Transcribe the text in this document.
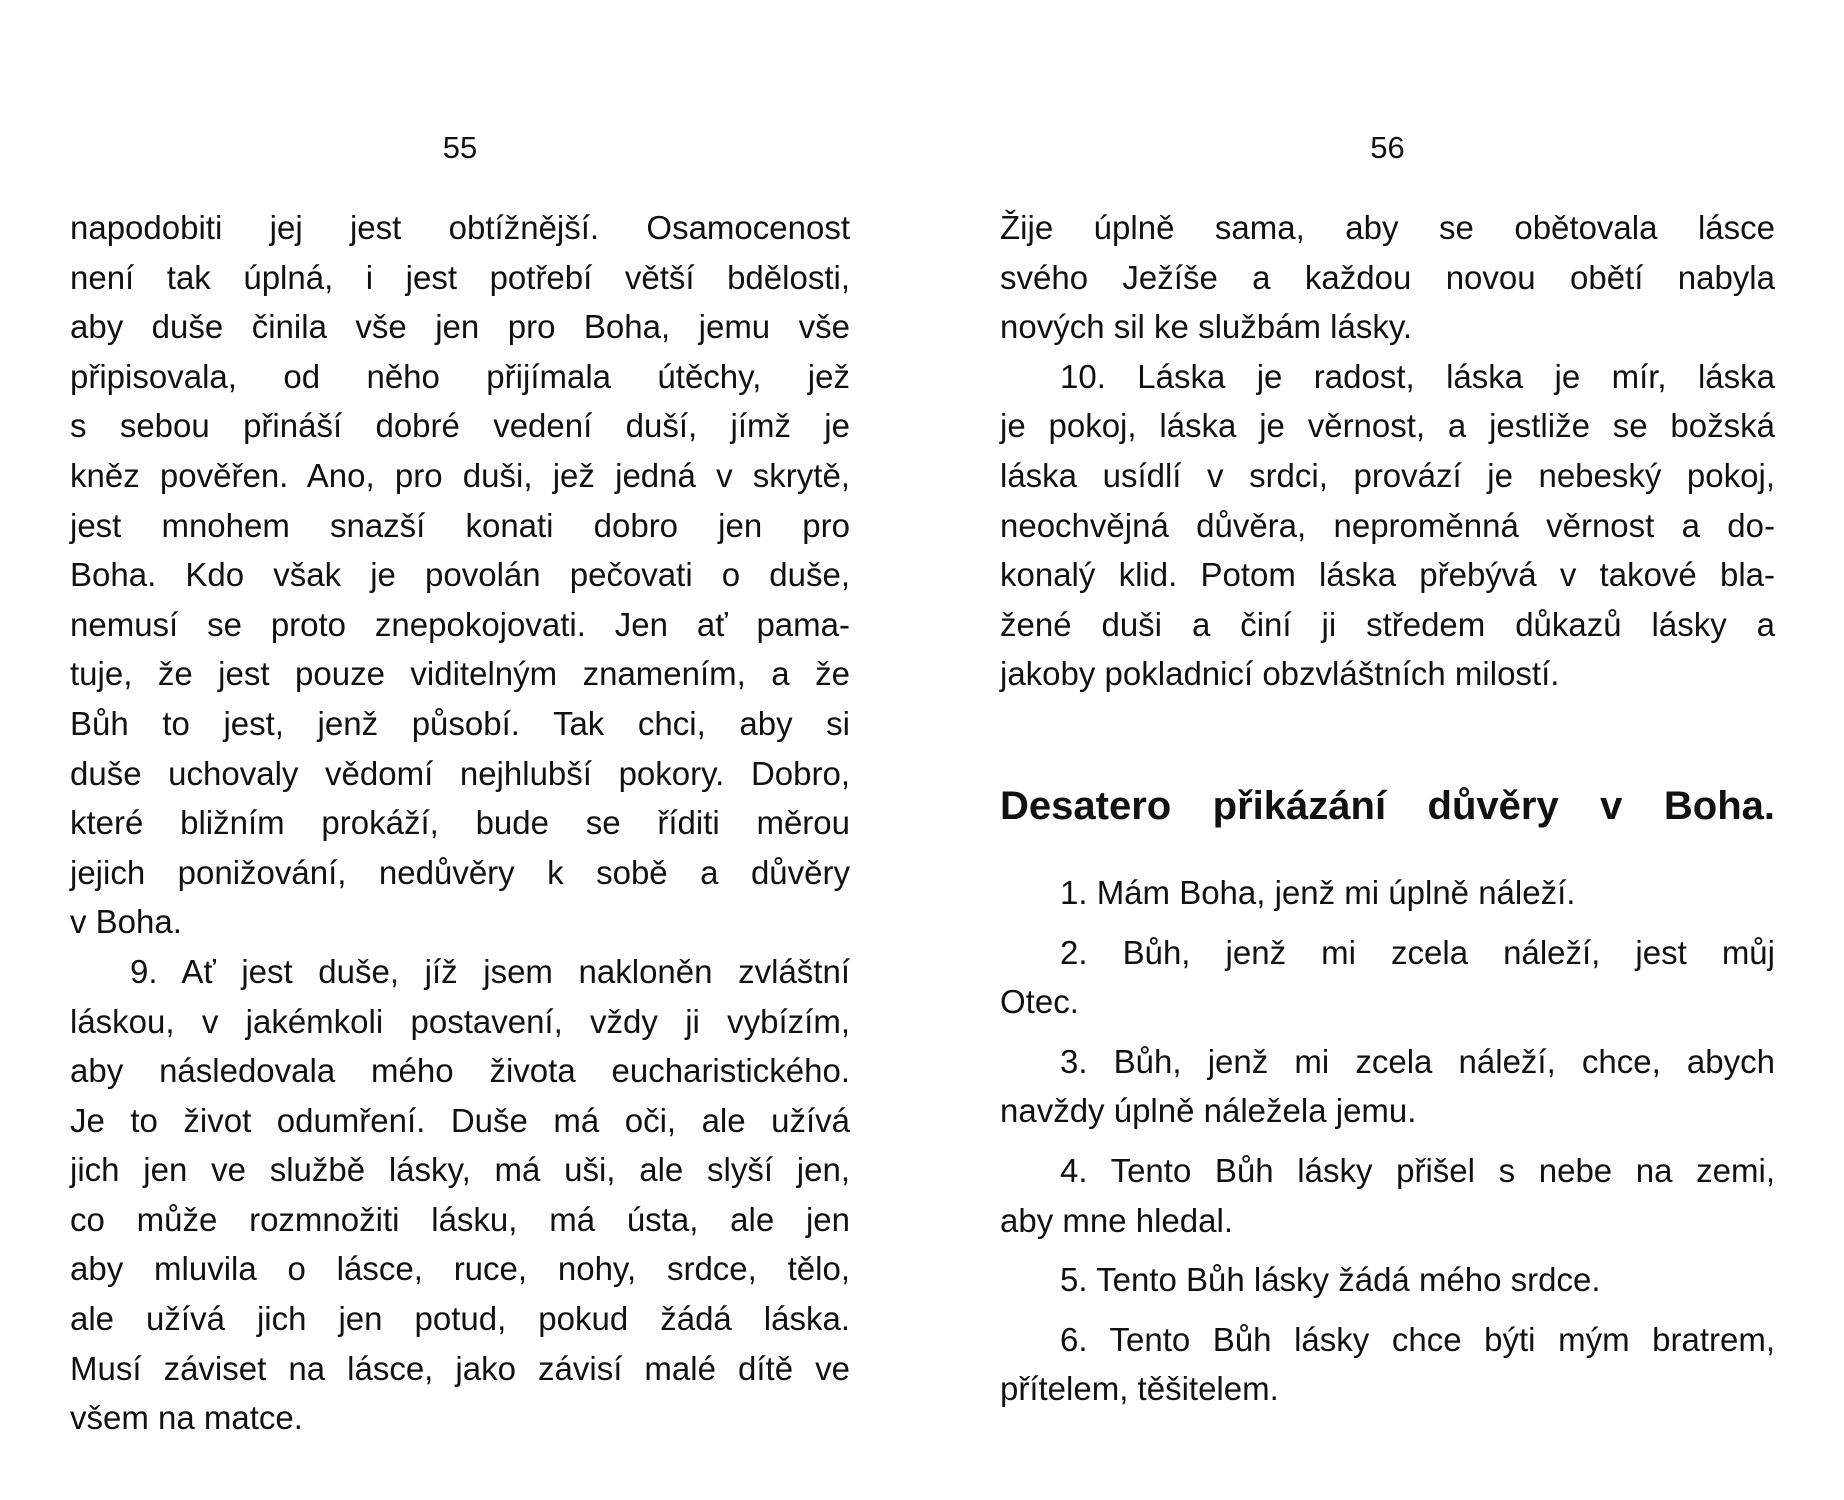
55

napodobiti jej jest obtížnější. Osamocenost
není tak úplná, i jest potřebí větší bdělosti,
aby duše činila vše jen pro Boha, jemu vše
připisovala, od něho přijímala útěchy, jež
s sebou přináší dobré vedení duší, jímž je
kněz pověřen. Ano, pro duši, jež jedná v skrytě,
jest mnohem snazší konati dobro jen pro
Boha. Kdo však je povolán pečovati o duše,
nemusí se proto znepokojovati. Jen ať pama-
tuje, že jest pouze viditelným znamením, a že
Bůh to jest, jenž působí. Tak chci, aby si
duše uchovaly vědomí nejhlubší pokory. Dobro,
které bližním prokáží, bude se říditi měrou
jejich ponižování, nedůvěry k sobě a důvěry
v Boha.

9. Ať jest duše, jíž jsem nakloněn zvláštní
láskou, v jakémkoli postavení, vždy ji vybízím,
aby následovala mého života eucharistického.
Je to život odumření. Duše má oči, ale užívá
jich jen ve službě lásky, má uši, ale slyší jen,
co může rozmnožiti lásku, má ústa, ale jen
aby mluvila o lásce, ruce, nohy, srdce, tělo,
ale užívá jich jen potud, pokud žádá láska.
Musí záviset na lásce, jako závisí malé dítě ve
všem na matce.

56

Žije úplně sama, aby se obětovala lásce
svého Ježíše a každou novou obětí nabyla
nových sil ke službám lásky.

10. Láska je radost, láska je mír, láska
je pokoj, láska je věrnost, a jestliže se božská
láska usídlí v srdci, provází je nebeský pokoj,
neochvějná důvěra, neproměnná věrnost a do-
konalý klid. Potom láska přebývá v takové bla-
žené duši a činí ji středem důkazů lásky a
jakoby pokladnicí obzvláštních milostí.

Desatero přikázání důvěry v Boha.

1. Mám Boha, jenž mi úplně náleží.

2. Bůh, jenž mi zcela náleží, jest můj
Otec.

3. Bůh, jenž mi zcela náleží, chce, abych
navždy úplně náležela jemu.

4. Tento Bůh lásky přišel s nebe na zemi,
aby mne hledal.

5. Tento Bůh lásky žádá mého srdce.

6. Tento Bůh lásky chce býti mým bratrem,
přítelem, těšitelem.
